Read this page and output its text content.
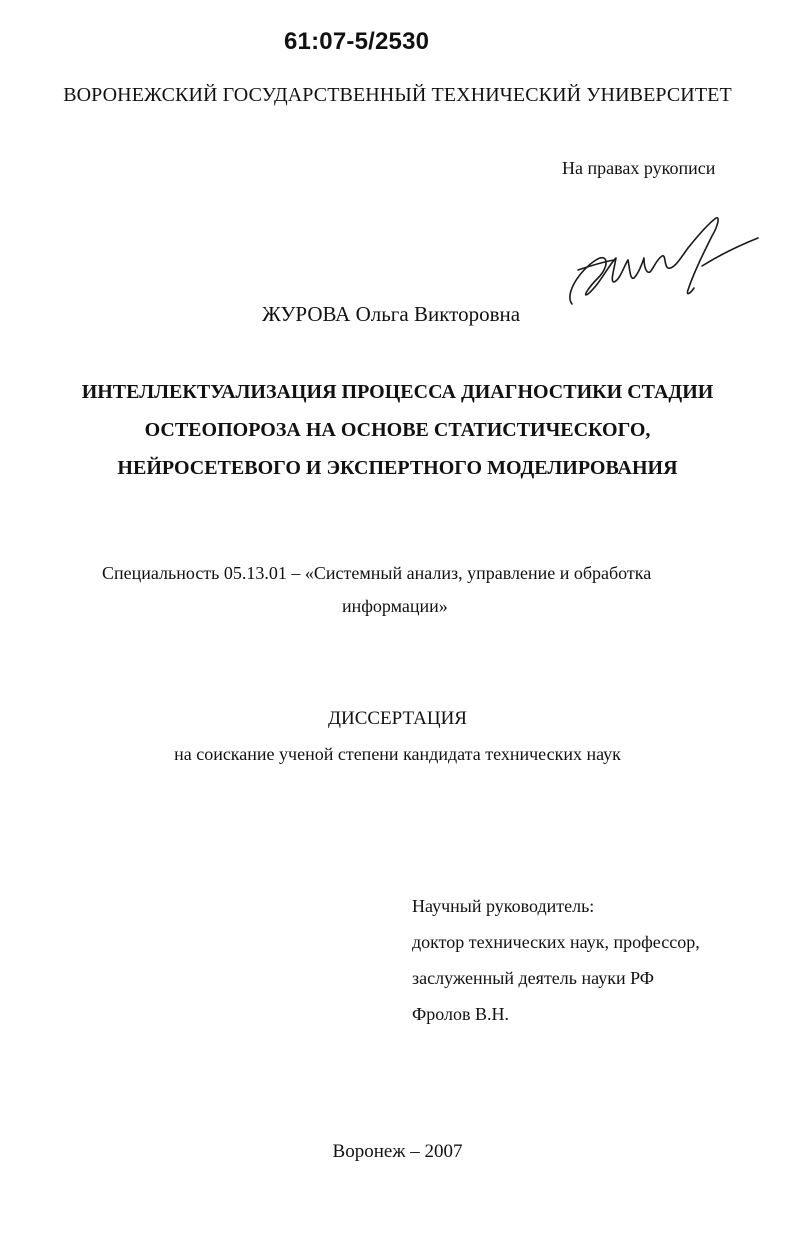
61:07-5/2530
ВОРОНЕЖСКИЙ ГОСУДАРСТВЕННЫЙ ТЕХНИЧЕСКИЙ УНИВЕРСИТЕТ
На правах рукописи
ЖУРОВА Ольга Викторовна
ИНТЕЛЛЕКТУАЛИЗАЦИЯ ПРОЦЕССА ДИАГНОСТИКИ СТАДИИ
ОСТЕОПОРОЗА НА ОСНОВЕ СТАТИСТИЧЕСКОГО,
НЕЙРОСЕТЕВОГО И ЭКСПЕРТНОГО МОДЕЛИРОВАНИЯ
Специальность 05.13.01 – «Системный анализ, управление и обработка
информации»
ДИССЕРТАЦИЯ
на соискание ученой степени кандидата технических наук
Научный руководитель:
доктор технических наук, профессор,
заслуженный деятель науки РФ
Фролов В.Н.
Воронеж – 2007
